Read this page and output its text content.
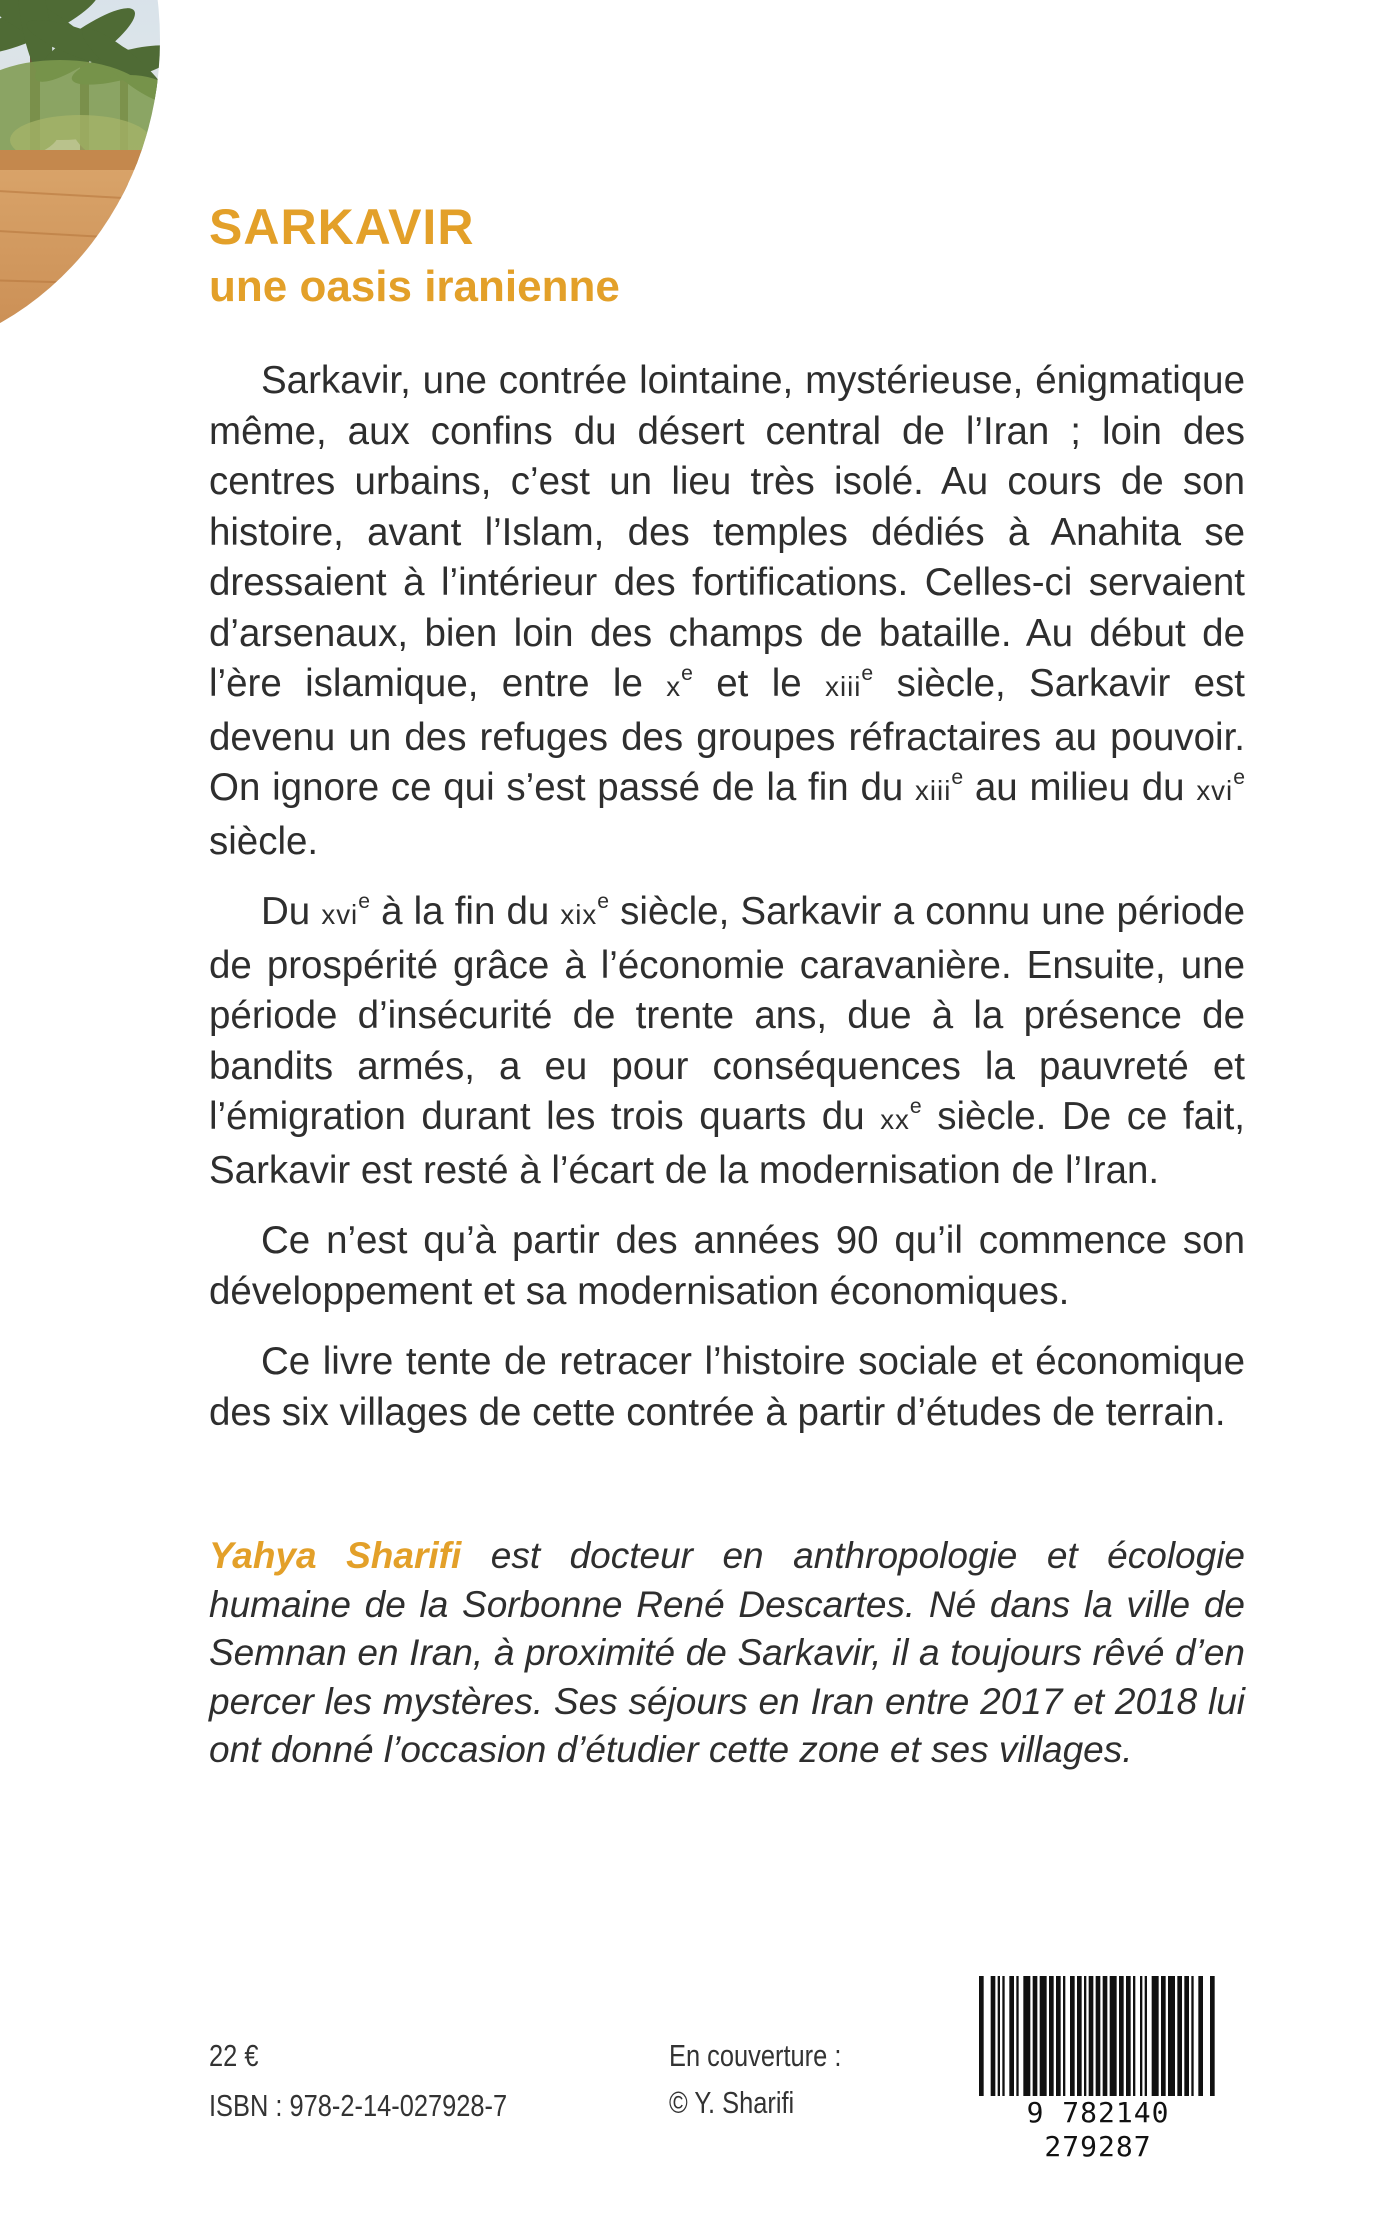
SARKAVIR
une oasis iranienne

Sarkavir, une contrée lointaine, mystérieuse, énigmatique même, aux confins du désert central de l’Iran ; loin des centres urbains, c’est un lieu très isolé. Au cours de son histoire, avant l’Islam, des temples dédiés à Anahita se dressaient à l’intérieur des fortifications. Celles-ci servaient d’arsenaux, bien loin des champs de bataille. Au début de l’ère islamique, entre le $x^e$ et le xiii$^e$ siècle, Sarkavir est devenu un des refuges des groupes réfractaires au pouvoir. On ignore ce qui s’est passé de la fin du xiii$^e$ au milieu du xvi$^e$ siècle.

Du xvi$^e$ à la fin du xix$^e$ siècle, Sarkavir a connu une période de prospérité grâce à l’économie caravanière. Ensuite, une période d’insécurité de trente ans, due à la présence de bandits armés, a eu pour conséquences la pauvreté et l’émigration durant les trois quarts du $xx^e$ siècle. De ce fait, Sarkavir est resté à l’écart de la modernisation de l’Iran.

Ce n’est qu’à partir des années 90 qu’il commence son développement et sa modernisation économiques.

Ce livre tente de retracer l’histoire sociale et économique des six villages de cette contrée à partir d’études de terrain.

Yahya Sharifi est docteur en anthropologie et écologie humaine de la Sorbonne René Descartes. Né dans la ville de Semnan en Iran, à proximité de Sarkavir, il a toujours rêvé d’en percer les mystères. Ses séjours en Iran entre 2017 et 2018 lui ont donné l’occasion d’étudier cette zone et ses villages.

22 €
ISBN : 978-2-14-027928-7
En couverture :
© Y. Sharifi	9 782140 279287
